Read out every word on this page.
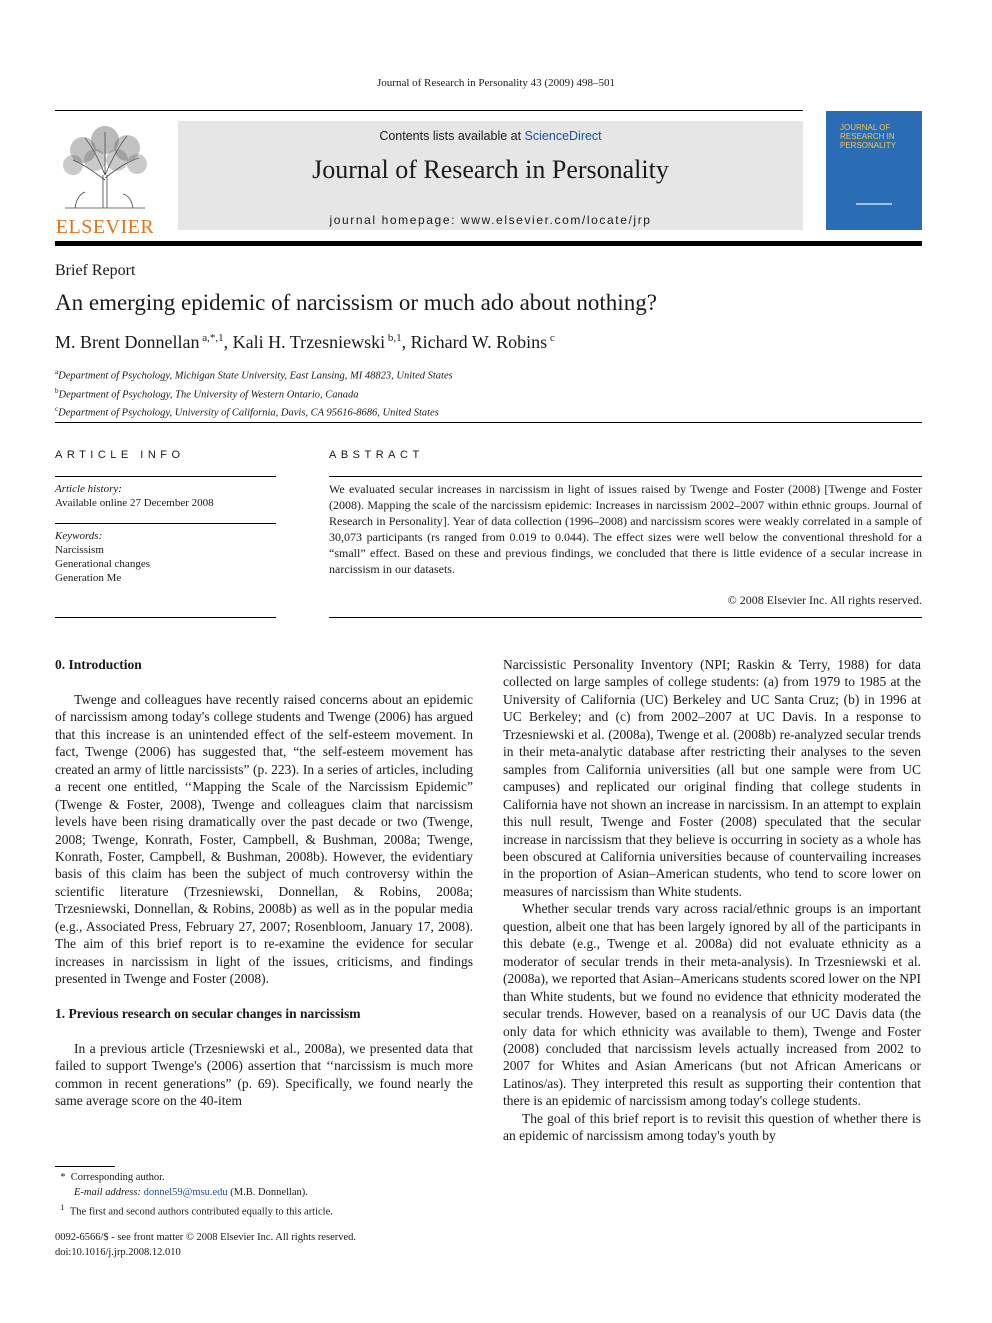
Journal of Research in Personality 43 (2009) 498–501
ELSEVIER
Contents lists available at ScienceDirect
Journal of Research in Personality
journal homepage: www.elsevier.com/locate/jrp
JOURNAL OF RESEARCH IN PERSONALITY
Brief Report
An emerging epidemic of narcissism or much ado about nothing?
M. Brent Donnellan $^{a,*,1}$, Kali H. Trzesniewski $^{b,1}$, Richard W. Robins $^c$
$^a$Department of Psychology, Michigan State University, East Lansing, MI 48823, United States
$^b$Department of Psychology, The University of Western Ontario, Canada
$^c$Department of Psychology, University of California, Davis, CA 95616-8686, United States
ARTICLE INFO	ABSTRACT
Article history:
Available online 27 December 2008
Keywords:
Narcissism
Generational changes
Generation Me
We evaluated secular increases in narcissism in light of issues raised by Twenge and Foster (2008) [Twenge and Foster (2008). Mapping the scale of the narcissism epidemic: Increases in narcissism 2002–2007 within ethnic groups. Journal of Research in Personality]. Year of data collection (1996–2008) and narcissism scores were weakly correlated in a sample of 30,073 participants (rs ranged from 0.019 to 0.044). The effect sizes were well below the conventional threshold for a “small” effect. Based on these and previous findings, we concluded that there is little evidence of a secular increase in narcissism in our datasets.
© 2008 Elsevier Inc. All rights reserved.
0. Introduction

Twenge and colleagues have recently raised concerns about an epidemic of narcissism among today's college students and Twenge (2006) has argued that this increase is an unintended effect of the self-esteem movement. In fact, Twenge (2006) has suggested that, “the self-esteem movement has created an army of little narcissists” (p. 223). In a series of articles, including a recent one entitled, ‘‘Mapping the Scale of the Narcissism Epidemic” (Twenge & Foster, 2008), Twenge and colleagues claim that narcissism levels have been rising dramatically over the past decade or two (Twenge, 2008; Twenge, Konrath, Foster, Campbell, & Bushman, 2008a; Twenge, Konrath, Foster, Campbell, & Bushman, 2008b). However, the evidentiary basis of this claim has been the subject of much controversy within the scientific literature (Trzesniewski, Donnellan, & Robins, 2008a; Trzesniewski, Donnellan, & Robins, 2008b) as well as in the popular media (e.g., Associated Press, February 27, 2007; Rosenbloom, January 17, 2008). The aim of this brief report is to re-examine the evidence for secular increases in narcissism in light of the issues, criticisms, and findings presented in Twenge and Foster (2008).

1. Previous research on secular changes in narcissism

In a previous article (Trzesniewski et al., 2008a), we presented data that failed to support Twenge's (2006) assertion that ‘‘narcissism is much more common in recent generations” (p. 69). Specifically, we found nearly the same average score on the 40-item

Narcissistic Personality Inventory (NPI; Raskin & Terry, 1988) for data collected on large samples of college students: (a) from 1979 to 1985 at the University of California (UC) Berkeley and UC Santa Cruz; (b) in 1996 at UC Berkeley; and (c) from 2002–2007 at UC Davis. In a response to Trzesniewski et al. (2008a), Twenge et al. (2008b) re-analyzed secular trends in their meta-analytic database after restricting their analyses to the seven samples from California universities (all but one sample were from UC campuses) and replicated our original finding that college students in California have not shown an increase in narcissism. In an attempt to explain this null result, Twenge and Foster (2008) speculated that the secular increase in narcissism that they believe is occurring in society as a whole has been obscured at California universities because of countervailing increases in the proportion of Asian–American students, who tend to score lower on measures of narcissism than White students.

Whether secular trends vary across racial/ethnic groups is an important question, albeit one that has been largely ignored by all of the participants in this debate (e.g., Twenge et al. 2008a) did not evaluate ethnicity as a moderator of secular trends in their meta-analysis). In Trzesniewski et al. (2008a), we reported that Asian–Americans students scored lower on the NPI than White students, but we found no evidence that ethnicity moderated the secular trends. However, based on a reanalysis of our UC Davis data (the only data for which ethnicity was available to them), Twenge and Foster (2008) concluded that narcissism levels actually increased from 2002 to 2007 for Whites and Asian Americans (but not African Americans or Latinos/as). They interpreted this result as supporting their contention that there is an epidemic of narcissism among today's college students.

The goal of this brief report is to revisit this question of whether there is an epidemic of narcissism among today's youth by

* Corresponding author.
E-mail address: donnel59@msu.edu (M.B. Donnellan).
$^1$ The first and second authors contributed equally to this article.
0092-6566/$ - see front matter © 2008 Elsevier Inc. All rights reserved.
doi:10.1016/j.jrp.2008.12.010
